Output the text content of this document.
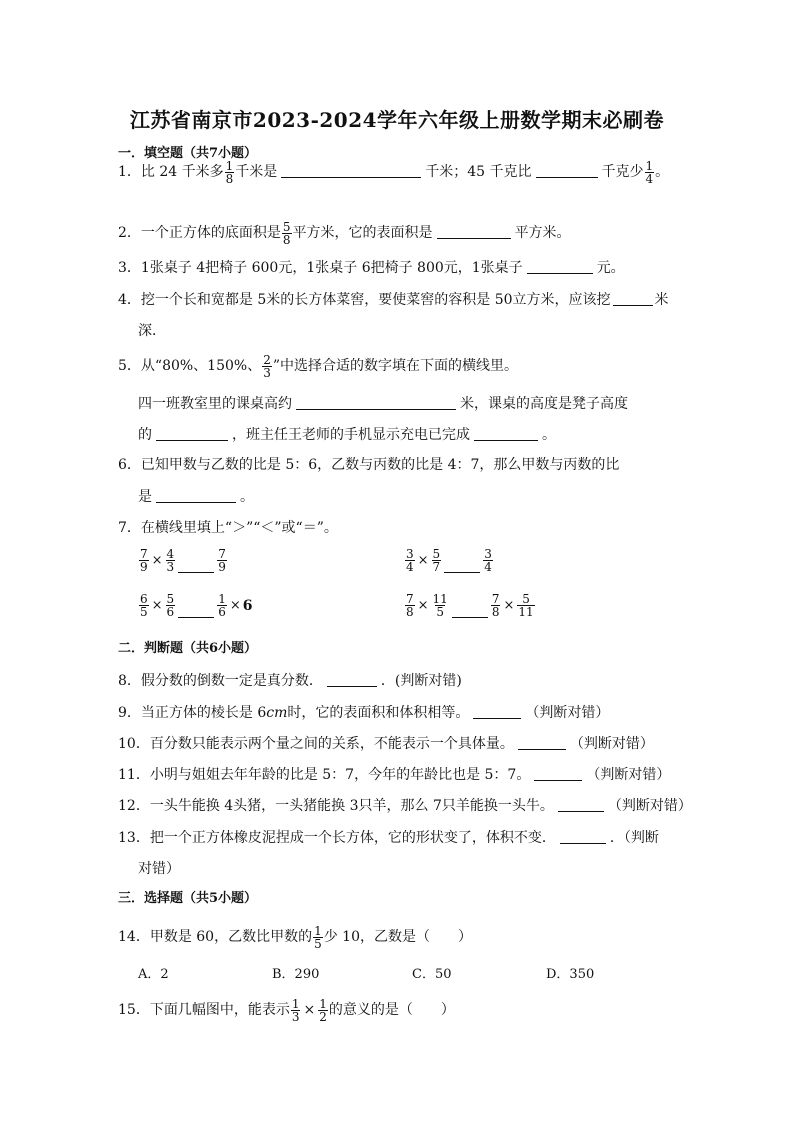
江苏省南京市2023-2024学年六年级上册数学期末必刷卷
一．填空题（共7小题）
1．比 24 千米多 $\frac{1}{8}$ 千米是	千米；45 千克比	千克少 $\frac{1}{4}$ 。
2．一个正方体的底面积是 $\frac{5}{8}$ 平方米，它的表面积是	平方米。
3．1张桌子 4把椅子 600元，1张桌子 6把椅子 800元，1张桌子	元。
4．挖一个长和宽都是 5米的长方体菜窖，要使菜窖的容积是 50立方米，应该挖	米
深．
5．从“80%、150%、 $\frac{2}{3}$ ”中选择合适的数字填在下面的横线里。
四一班教室里的课桌高约	米，课桌的高度是凳子高度
的	，班主任王老师的手机显示充电已完成	。
6．已知甲数与乙数的比是 5：6，乙数与丙数的比是 4：7，那么甲数与丙数的比
是	。
7．在横线里填上“＞”“＜”或“＝”。
$\frac{7}{9} \times \frac{4}{3}$	$\frac{7}{9}$	$\frac{3}{4} \times \frac{5}{7}$	$\frac{3}{4}$
$\frac{6}{5} \times \frac{5}{6}$	$\frac{1}{6} \times 6$	$\frac{7}{8} \times \frac{11}{5}$	$\frac{7}{8} \times \frac{5}{11}$
二．判断题（共6小题）
8．假分数的倒数一定是真分数．	．(判断对错)
9．当正方体的棱长是 6cm时，它的表面积和体积相等。	（判断对错）
10．百分数只能表示两个量之间的关系，不能表示一个具体量。	（判断对错）
11．小明与姐姐去年年龄的比是 5：7，今年的年龄比也是 5：7。	（判断对错）
12．一头牛能换 4头猪，一头猪能换 3只羊，那么 7只羊能换一头牛。	（判断对错）
13．把一个正方体橡皮泥捏成一个长方体，它的形状变了，体积不变．	．（判断
对错）
三．选择题（共5小题）
14．甲数是 60，乙数比甲数的 $\frac{1}{5}$ 少 10，乙数是（　　）
A．2	B．290	C．50	D．350
15．下面几幅图中，能表示 $\frac{1}{3} \times \frac{1}{2}$ 的意义的是（　　）
